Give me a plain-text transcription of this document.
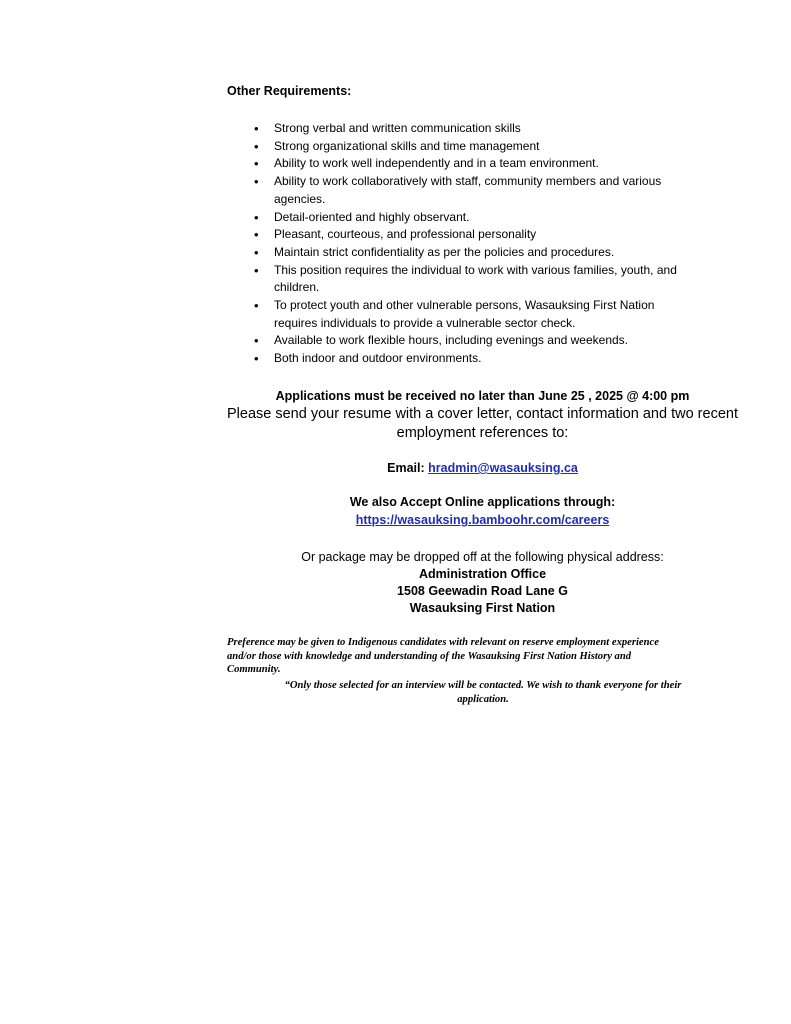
Other Requirements:
• Strong verbal and written communication skills
• Strong organizational skills and time management
• Ability to work well independently and in a team environment.
• Ability to work collaboratively with staff, community members and various
agencies.
• Detail-oriented and highly observant.
• Pleasant, courteous, and professional personality
• Maintain strict confidentiality as per the policies and procedures.
• This position requires the individual to work with various families, youth, and
children.
• To protect youth and other vulnerable persons, Wasauksing First Nation
requires individuals to provide a vulnerable sector check.
• Available to work flexible hours, including evenings and weekends.
• Both indoor and outdoor environments.
Applications must be received no later than June 25 , 2025 @ 4:00 pm
Please send your resume with a cover letter, contact information and two recent
employment references to:
Email: hradmin@wasauksing.ca
We also Accept Online applications through:
https://wasauksing.bamboohr.com/careers
Or package may be dropped off at the following physical address:
Administration Office
1508 Geewadin Road Lane G
Wasauksing First Nation
Preference may be given to Indigenous candidates with relevant on reserve employment experience
and/or those with knowledge and understanding of the Wasauksing First Nation History and
Community.
“Only those selected for an interview will be contacted. We wish to thank everyone for their
application.
